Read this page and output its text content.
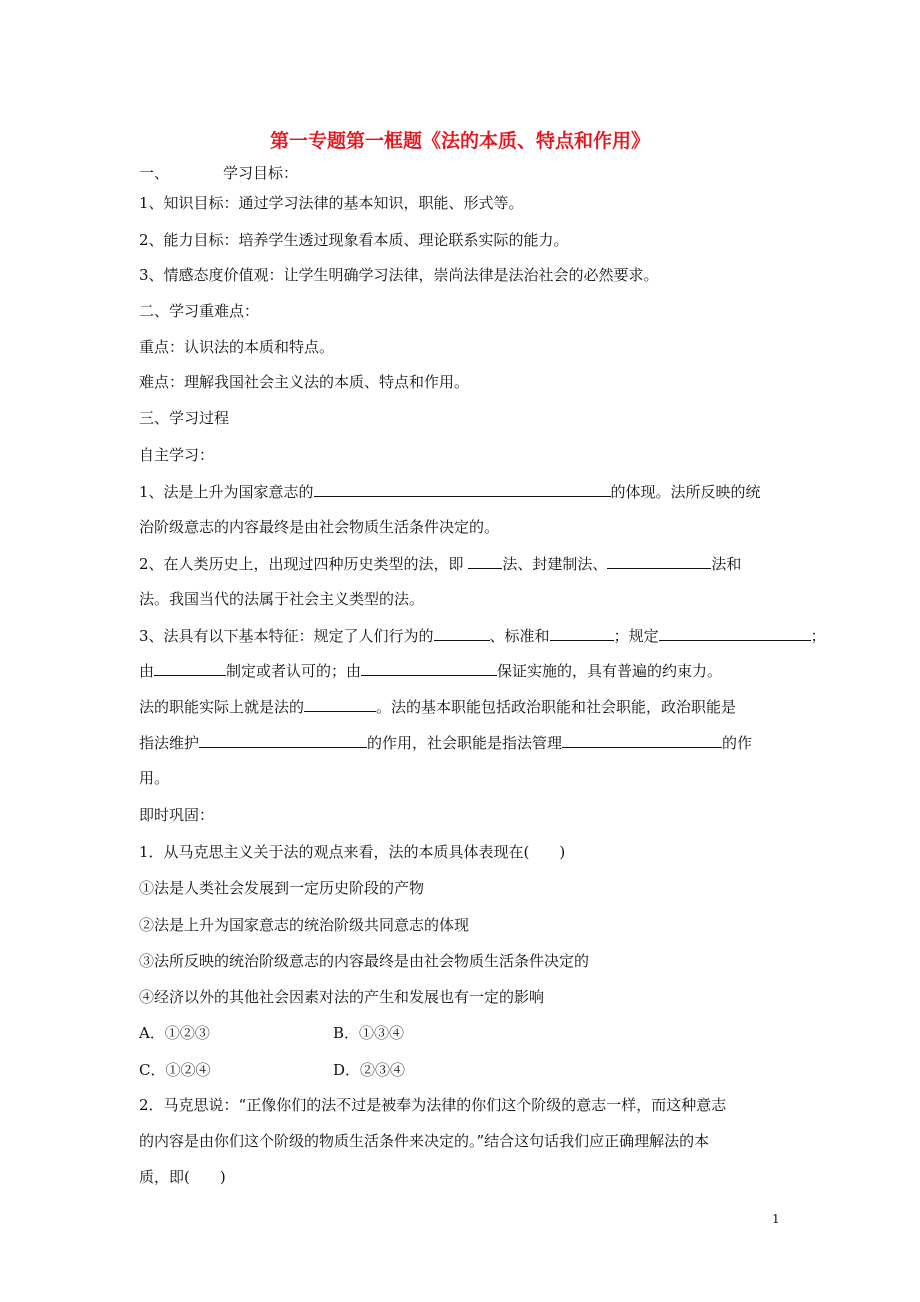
第一专题第一框题《法的本质、特点和作用》
一、	学习目标：
1、知识目标：通过学习法律的基本知识，职能、形式等。
2、能力目标：培养学生透过现象看本质、理论联系实际的能力。
3、情感态度价值观：让学生明确学习法律，崇尚法律是法治社会的必然要求。
二、学习重难点：
重点：认识法的本质和特点。
难点：理解我国社会主义法的本质、特点和作用。
三、学习过程
自主学习：
1、法是上升为国家意志的	的体现。法所反映的统
治阶级意志的内容最终是由社会物质生活条件决定的。
2、在人类历史上，出现过四种历史类型的法，即 法、封建制法、	法和
法。我国当代的法属于社会主义类型的法。
3、法具有以下基本特征：规定了人们行为的	、标准和	；规定	；
由	制定或者认可的；由	保证实施的，具有普遍的约束力。
法的职能实际上就是法的	。法的基本职能包括政治职能和社会职能，政治职能是
指法维护	的作用，社会职能是指法管理	的作
用。
即时巩固：
1．从马克思主义关于法的观点来看，法的本质具体表现在(　　)
①法是人类社会发展到一定历史阶段的产物
②法是上升为国家意志的统治阶级共同意志的体现
③法所反映的统治阶级意志的内容最终是由社会物质生活条件决定的
④经济以外的其他社会因素对法的产生和发展也有一定的影响
A．①②③	B．①③④
C．①②④	D．②③④
2．马克思说：“正像你们的法不过是被奉为法律的你们这个阶级的意志一样，而这种意志
的内容是由你们这个阶级的物质生活条件来决定的。”结合这句话我们应正确理解法的本
质，即(　　)
1
